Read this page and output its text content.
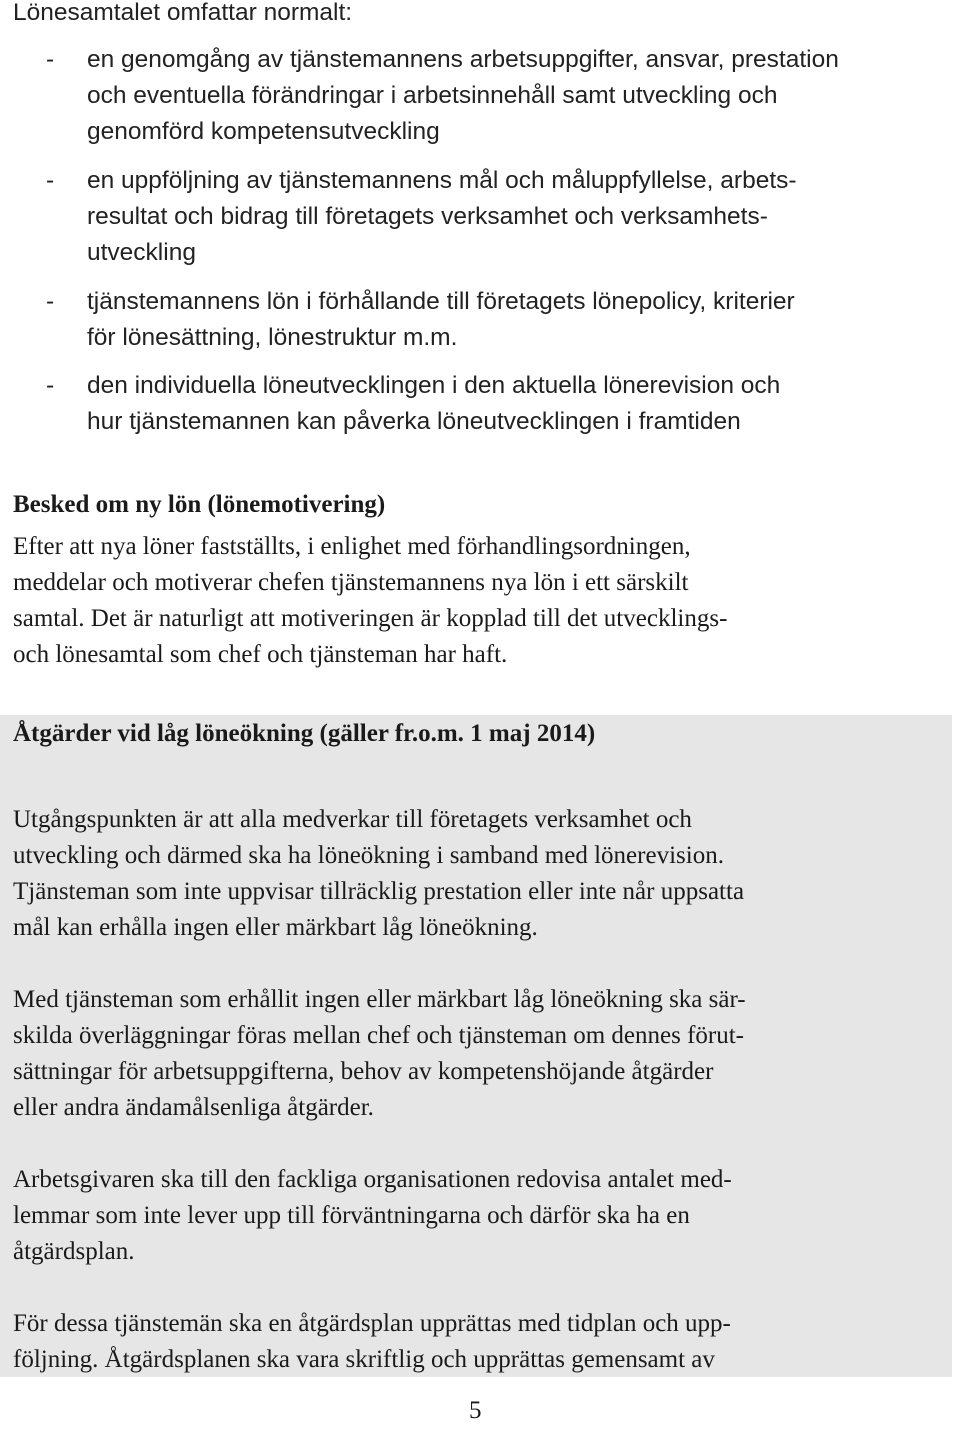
Lönesamtalet omfattar normalt:
- en genomgång av tjänstemannens arbetsuppgifter, ansvar, prestation
och eventuella förändringar i arbetsinnehåll samt utveckling och
genomförd kompetensutveckling
- en uppföljning av tjänstemannens mål och måluppfyllelse, arbets-
resultat och bidrag till företagets verksamhet och verksamhets-
utveckling
- tjänstemannens lön i förhållande till företagets lönepolicy, kriterier
för lönesättning, lönestruktur m.m.
- den individuella löneutvecklingen i den aktuella lönerevision och
hur tjänstemannen kan påverka löneutvecklingen i framtiden
Besked om ny lön (lönemotivering)
Efter att nya löner fastställts, i enlighet med förhandlingsordningen,
meddelar och motiverar chefen tjänstemannens nya lön i ett särskilt
samtal. Det är naturligt att motiveringen är kopplad till det utvecklings-
och lönesamtal som chef och tjänsteman har haft.
Åtgärder vid låg löneökning (gäller fr.o.m. 1 maj 2014)
Utgångspunkten är att alla medverkar till företagets verksamhet och
utveckling och därmed ska ha löneökning i samband med lönerevision.
Tjänsteman som inte uppvisar tillräcklig prestation eller inte når uppsatta
mål kan erhålla ingen eller märkbart låg löneökning.
Med tjänsteman som erhållit ingen eller märkbart låg löneökning ska sär-
skilda överläggningar föras mellan chef och tjänsteman om dennes förut-
sättningar för arbetsuppgifterna, behov av kompetenshöjande åtgärder
eller andra ändamålsenliga åtgärder.
Arbetsgivaren ska till den fackliga organisationen redovisa antalet med-
lemmar som inte lever upp till förväntningarna och därför ska ha en
åtgärdsplan.
För dessa tjänstemän ska en åtgärdsplan upprättas med tidplan och upp-
följning. Åtgärdsplanen ska vara skriftlig och upprättas gemensamt av
5
